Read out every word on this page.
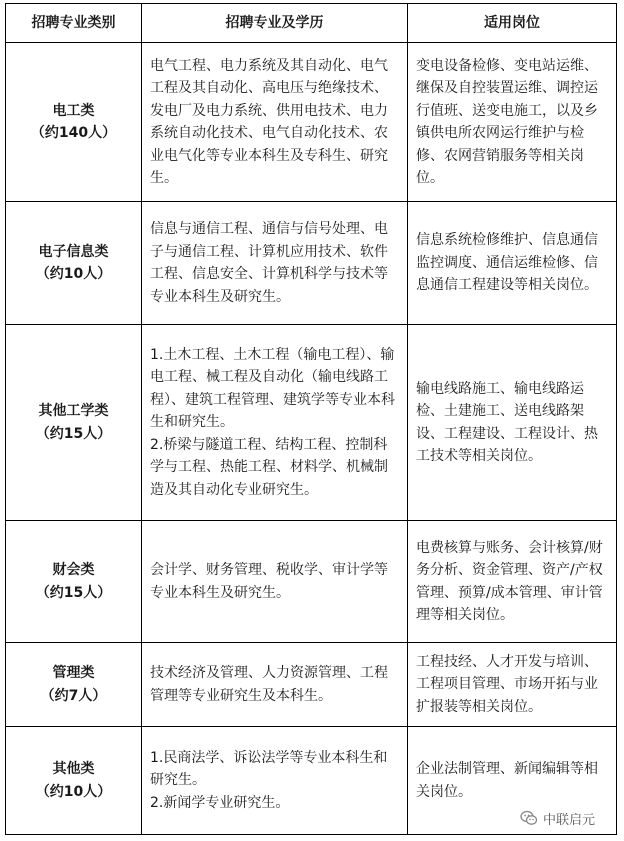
招聘专业类别	招聘专业及学历	适用岗位

电工类
（约140人）	电气工程、电力系统及其自动化、电气工程及其自动化、高电压与绝缘技术、发电厂及电力系统、供用电技术、电力系统自动化技术、电气自动化技术、农业电气化等专业本科生及专科生、研究生。	变电设备检修、变电站运维、继保及自控装置运维、调控运行值班、送变电施工，以及乡镇供电所农网运行维护与检修、农网营销服务等相关岗位。

电子信息类
（约10人）	信息与通信工程、通信与信号处理、电子与通信工程、计算机应用技术、软件工程、信息安全、计算机科学与技术等专业本科生及研究生。	信息系统检修维护、信息通信监控调度、通信运维检修、信息通信工程建设等相关岗位。

其他工学类
（约15人）	1.土木工程、土木工程（输电工程）、输电工程、械工程及自动化（输电线路工程）、建筑工程管理、建筑学等专业本科生和研究生。
2.桥梁与隧道工程、结构工程、控制科学与工程、热能工程、材料学、机械制造及其自动化专业研究生。	输电线路施工、输电线路运检、土建施工、送电线路架设、工程建设、工程设计、热工技术等相关岗位。

财会类
（约15人）	会计学、财务管理、税收学、审计学等专业本科生及研究生。	电费核算与账务、会计核算/财务分析、资金管理、资产/产权管理、预算/成本管理、审计管理等相关岗位。

管理类
（约7人）	技术经济及管理、人力资源管理、工程管理等专业研究生及本科生。	工程技经、人才开发与培训、工程项目管理、市场开拓与业扩报装等相关岗位。

其他类
（约10人）	1.民商法学、诉讼法学等专业本科生和研究生。
2.新闻学专业研究生。	企业法制管理、新闻编辑等相关岗位。
中联启元
